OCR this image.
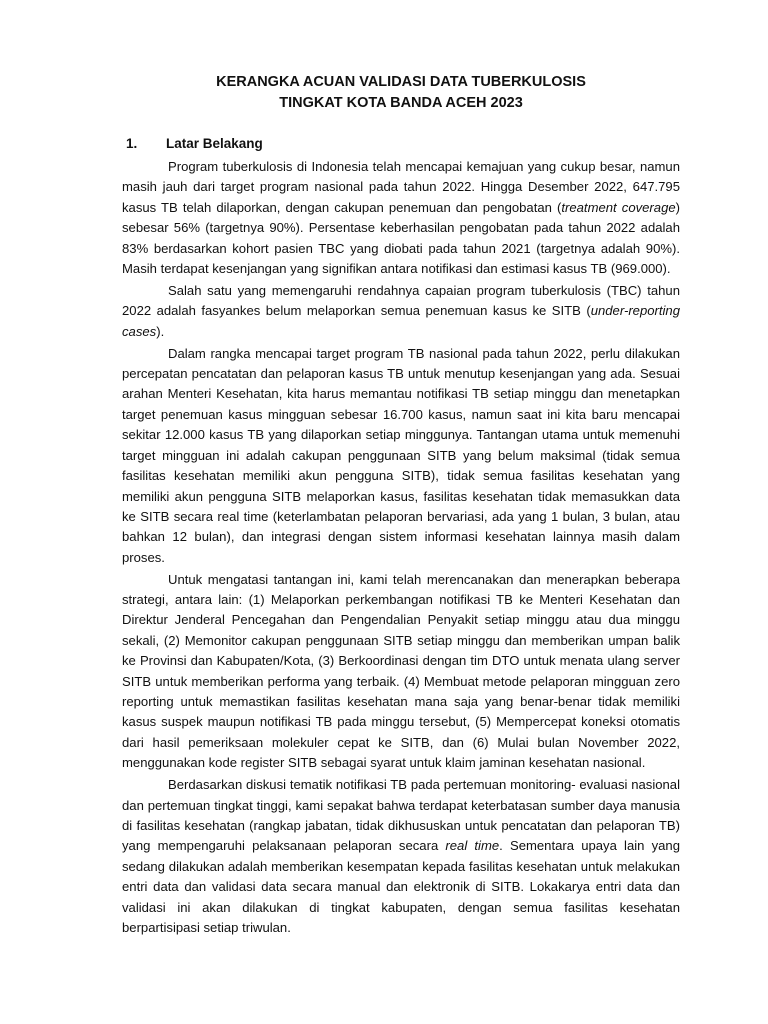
KERANGKA ACUAN VALIDASI DATA TUBERKULOSIS
TINGKAT KOTA BANDA ACEH 2023

1.	Latar Belakang

Program tuberkulosis di Indonesia telah mencapai kemajuan yang cukup besar, namun masih jauh dari target program nasional pada tahun 2022. Hingga Desember 2022, 647.795 kasus TB telah dilaporkan, dengan cakupan penemuan dan pengobatan (treatment coverage) sebesar 56% (targetnya 90%). Persentase keberhasilan pengobatan pada tahun 2022 adalah 83% berdasarkan kohort pasien TBC yang diobati pada tahun 2021 (targetnya adalah 90%). Masih terdapat kesenjangan yang signifikan antara notifikasi dan estimasi kasus TB (969.000).

Salah satu yang memengaruhi rendahnya capaian program tuberkulosis (TBC) tahun 2022 adalah fasyankes belum melaporkan semua penemuan kasus ke SITB (under-reporting cases).

Dalam rangka mencapai target program TB nasional pada tahun 2022, perlu dilakukan percepatan pencatatan dan pelaporan kasus TB untuk menutup kesenjangan yang ada. Sesuai arahan Menteri Kesehatan, kita harus memantau notifikasi TB setiap minggu dan menetapkan target penemuan kasus mingguan sebesar 16.700 kasus, namun saat ini kita baru mencapai sekitar 12.000 kasus TB yang dilaporkan setiap minggunya. Tantangan utama untuk memenuhi target mingguan ini adalah cakupan penggunaan SITB yang belum maksimal (tidak semua fasilitas kesehatan memiliki akun pengguna SITB), tidak semua fasilitas kesehatan yang memiliki akun pengguna SITB melaporkan kasus, fasilitas kesehatan tidak memasukkan data ke SITB secara real time (keterlambatan pelaporan bervariasi, ada yang 1 bulan, 3 bulan, atau bahkan 12 bulan), dan integrasi dengan sistem informasi kesehatan lainnya masih dalam proses.

Untuk mengatasi tantangan ini, kami telah merencanakan dan menerapkan beberapa strategi, antara lain: (1) Melaporkan perkembangan notifikasi TB ke Menteri Kesehatan dan Direktur Jenderal Pencegahan dan Pengendalian Penyakit setiap minggu atau dua minggu sekali, (2) Memonitor cakupan penggunaan SITB setiap minggu dan memberikan umpan balik ke Provinsi dan Kabupaten/Kota, (3) Berkoordinasi dengan tim DTO untuk menata ulang server SITB untuk memberikan performa yang terbaik. (4) Membuat metode pelaporan mingguan zero reporting untuk memastikan fasilitas kesehatan mana saja yang benar-benar tidak memiliki kasus suspek maupun notifikasi TB pada minggu tersebut, (5) Mempercepat koneksi otomatis dari hasil pemeriksaan molekuler cepat ke SITB, dan (6) Mulai bulan November 2022, menggunakan kode register SITB sebagai syarat untuk klaim jaminan kesehatan nasional.

Berdasarkan diskusi tematik notifikasi TB pada pertemuan monitoring- evaluasi nasional dan pertemuan tingkat tinggi, kami sepakat bahwa terdapat keterbatasan sumber daya manusia di fasilitas kesehatan (rangkap jabatan, tidak dikhususkan untuk pencatatan dan pelaporan TB) yang mempengaruhi pelaksanaan pelaporan secara real time. Sementara upaya lain yang sedang dilakukan adalah memberikan kesempatan kepada fasilitas kesehatan untuk melakukan entri data dan validasi data secara manual dan elektronik di SITB. Lokakarya entri data dan validasi ini akan dilakukan di tingkat kabupaten, dengan semua fasilitas kesehatan berpartisipasi setiap triwulan.
